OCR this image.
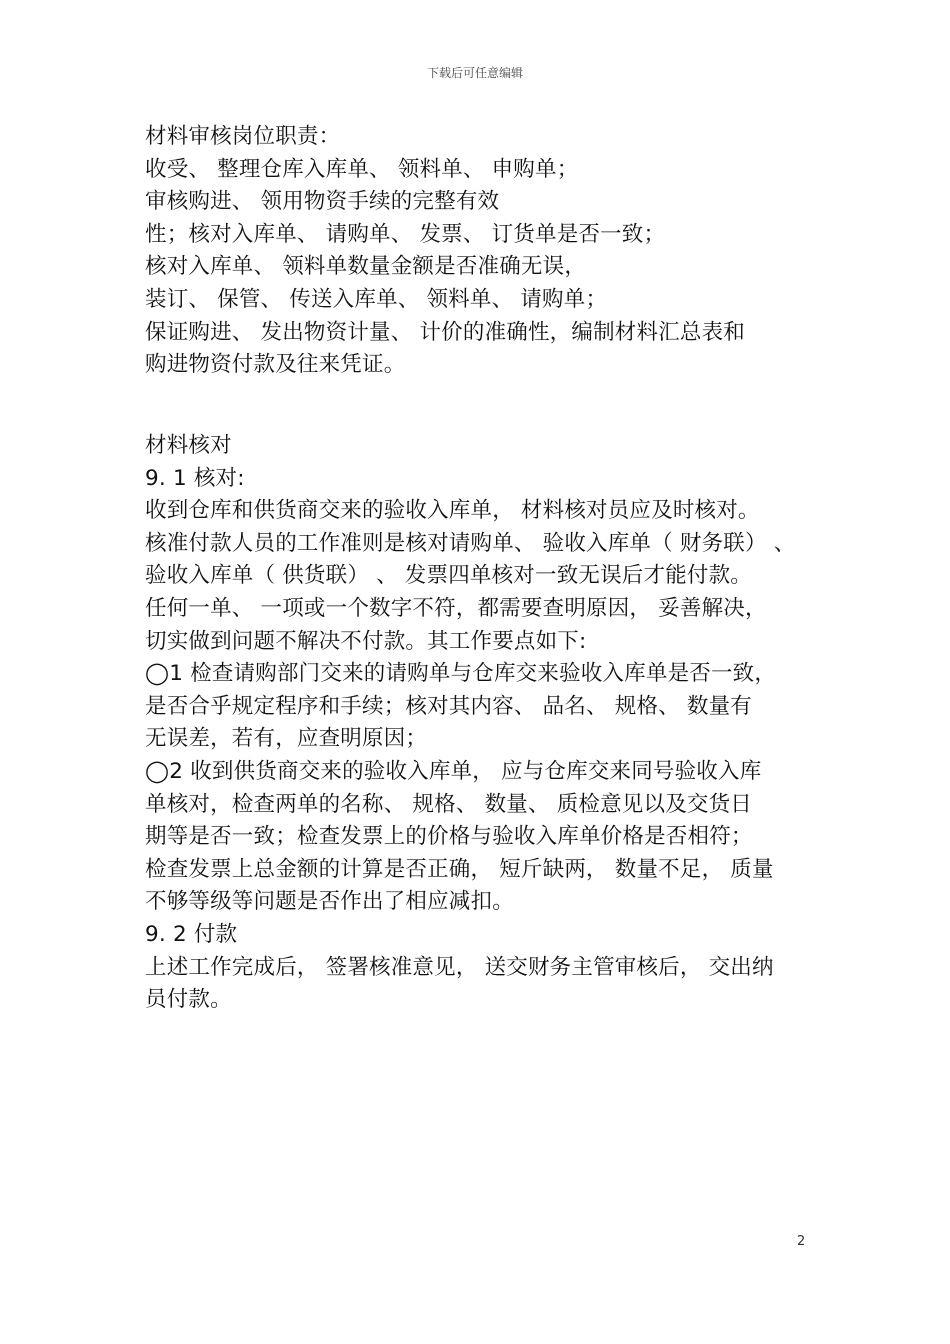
下载后可任意编辑
材料审核岗位职责：
收受、 整理仓库入库单、 领料单、 申购单；
审核购进、 领用物资手续的完整有效
性；核对入库单、 请购单、 发票、 订货单是否一致；
核对入库单、 领料单数量金额是否准确无误，
装订、 保管、 传送入库单、 领料单、 请购单；
保证购进、 发出物资计量、 计价的准确性，编制材料汇总表和
购进物资付款及往来凭证。
材料核对
9. 1 核对:
收到仓库和供货商交来的验收入库单， 材料核对员应及时核对。
核准付款人员的工作准则是核对请购单、 验收入库单（ 财务联） 、
验收入库单（ 供货联） 、 发票四单核对一致无误后才能付款。
任何一单、 一项或一个数字不符，都需要查明原因， 妥善解决，
切实做到问题不解决不付款。其工作要点如下:
◯1 检查请购部门交来的请购单与仓库交来验收入库单是否一致，
是否合乎规定程序和手续；核对其内容、 品名、 规格、 数量有
无误差，若有，应查明原因；
◯2 收到供货商交来的验收入库单， 应与仓库交来同号验收入库
单核对，检查两单的名称、 规格、 数量、 质检意见以及交货日
期等是否一致；检查发票上的价格与验收入库单价格是否相符；
检查发票上总金额的计算是否正确， 短斤缺两， 数量不足， 质量
不够等级等问题是否作出了相应减扣。
9. 2 付款
上述工作完成后， 签署核准意见， 送交财务主管审核后， 交出纳
员付款。
2
